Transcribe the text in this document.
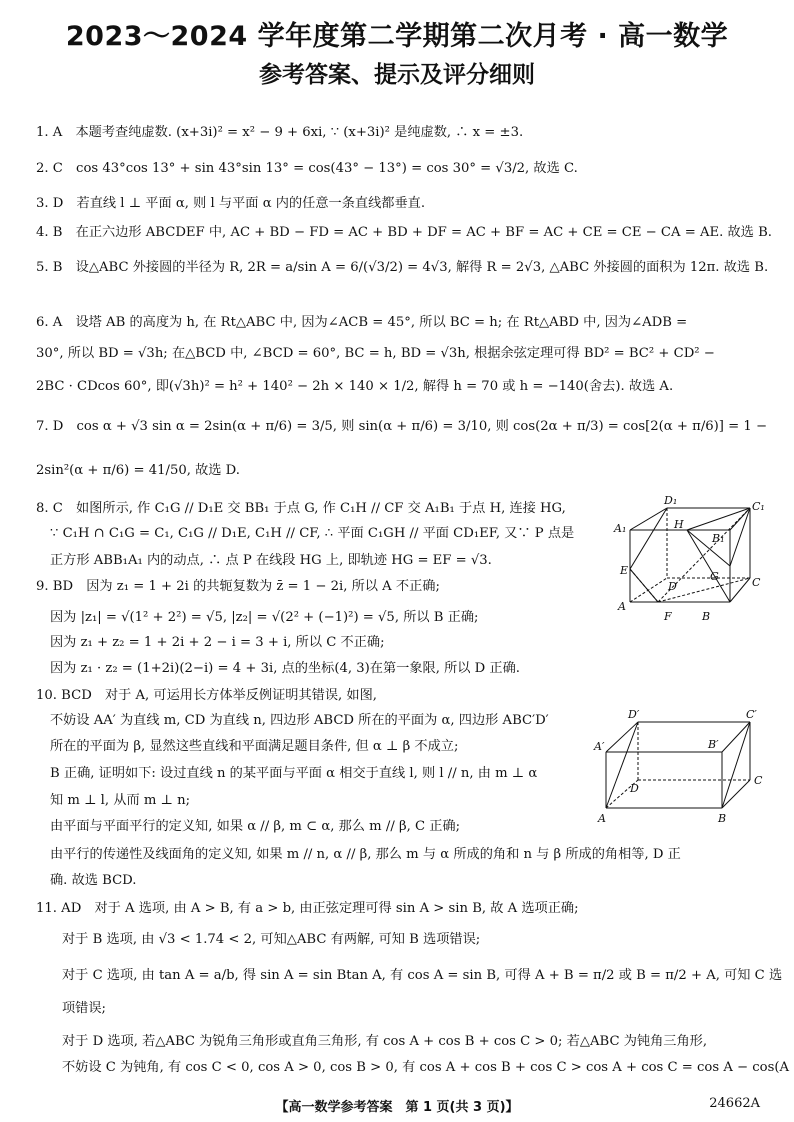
2023～2024 学年度第二学期第二次月考 · 高一数学
参考答案、提示及评分细则
1. A　本题考查纯虚数. (x+3i)² = x² − 9 + 6xi, ∵ (x+3i)² 是纯虚数, ∴ x = ±3.
2. C　cos 43°cos 13° + sin 43°sin 13° = cos(43° − 13°) = cos 30° = √3/2, 故选 C.
3. D　若直线 l ⊥ 平面 α, 则 l 与平面 α 内的任意一条直线都垂直.
4. B　在正六边形 ABCDEF 中, AC + BD − FD = AC + BD + DF = AC + BF = AC + CE = CE − CA = AE. 故选 B.
5. B　设△ABC 外接圆的半径为 R, 2R = a/sin A = 6/(√3/2) = 4√3, 解得 R = 2√3, △ABC 外接圆的面积为 12π. 故选 B.
6. A　设塔 AB 的高度为 h, 在 Rt△ABC 中, 因为∠ACB = 45°, 所以 BC = h; 在 Rt△ABD 中, 因为∠ADB =
30°, 所以 BD = √3h; 在△BCD 中, ∠BCD = 60°, BC = h, BD = √3h, 根据余弦定理可得 BD² = BC² + CD² −
2BC · CDcos 60°, 即(√3h)² = h² + 140² − 2h × 140 × 1/2, 解得 h = 70 或 h = −140(舍去). 故选 A.
7. D　cos α + √3 sin α = 2sin(α + π/6) = 3/5, 则 sin(α + π/6) = 3/10, 则 cos(2α + π/3) = cos[2(α + π/6)] = 1 −
2sin²(α + π/6) = 41/50, 故选 D.
8. C　如图所示, 作 C₁G // D₁E 交 BB₁ 于点 G, 作 C₁H // CF 交 A₁B₁ 于点 H, 连接 HG,
∵ C₁H ∩ C₁G = C₁, C₁G // D₁E, C₁H // CF, ∴ 平面 C₁GH // 平面 CD₁EF, 又∵ P 点是
正方形 ABB₁A₁ 内的动点, ∴ 点 P 在线段 HG 上, 即轨迹 HG = EF = √3.
9. BD　因为 z₁ = 1 + 2i 的共轭复数为 z̄ = 1 − 2i, 所以 A 不正确;
因为 |z₁| = √(1² + 2²) = √5, |z₂| = √(2² + (−1)²) = √5, 所以 B 正确;
因为 z₁ + z₂ = 1 + 2i + 2 − i = 3 + i, 所以 C 不正确;
因为 z₁ · z₂ = (1+2i)(2−i) = 4 + 3i, 点的坐标(4, 3)在第一象限, 所以 D 正确.
10. BCD　对于 A, 可运用长方体举反例证明其错误, 如图,
不妨设 AA′ 为直线 m, CD 为直线 n, 四边形 ABCD 所在的平面为 α, 四边形 ABC′D′
所在的平面为 β, 显然这些直线和平面满足题目条件, 但 α ⊥ β 不成立;
B 正确, 证明如下: 设过直线 n 的某平面与平面 α 相交于直线 l, 则 l // n, 由 m ⊥ α
知 m ⊥ l, 从而 m ⊥ n;
由平面与平面平行的定义知, 如果 α // β, m ⊂ α, 那么 m // β, C 正确;
由平行的传递性及线面角的定义知, 如果 m // n, α // β, 那么 m 与 α 所成的角和 n 与 β 所成的角相等, D 正
确. 故选 BCD.
11. AD　对于 A 选项, 由 A > B, 有 a > b, 由正弦定理可得 sin A > sin B, 故 A 选项正确;
对于 B 选项, 由 √3 < 1.74 < 2, 可知△ABC 有两解, 可知 B 选项错误;
对于 C 选项, 由 tan A = a/b, 得 sin A = sin Btan A, 有 cos A = sin B, 可得 A + B = π/2 或 B = π/2 + A, 可知 C 选
项错误;
对于 D 选项, 若△ABC 为锐角三角形或直角三角形, 有 cos A + cos B + cos C > 0; 若△ABC 为钝角三角形,
不妨设 C 为钝角, 有 cos C < 0, cos A > 0, cos B > 0, 有 cos A + cos B + cos C > cos A + cos C = cos A − cos(A
D₁	C₁
A₁	H
B₁
E	G
D	C
A
F	B
D′	C′
A′	B′
D
C
A	B
【高一数学参考答案　第 1 页(共 3 页)】	24662A
